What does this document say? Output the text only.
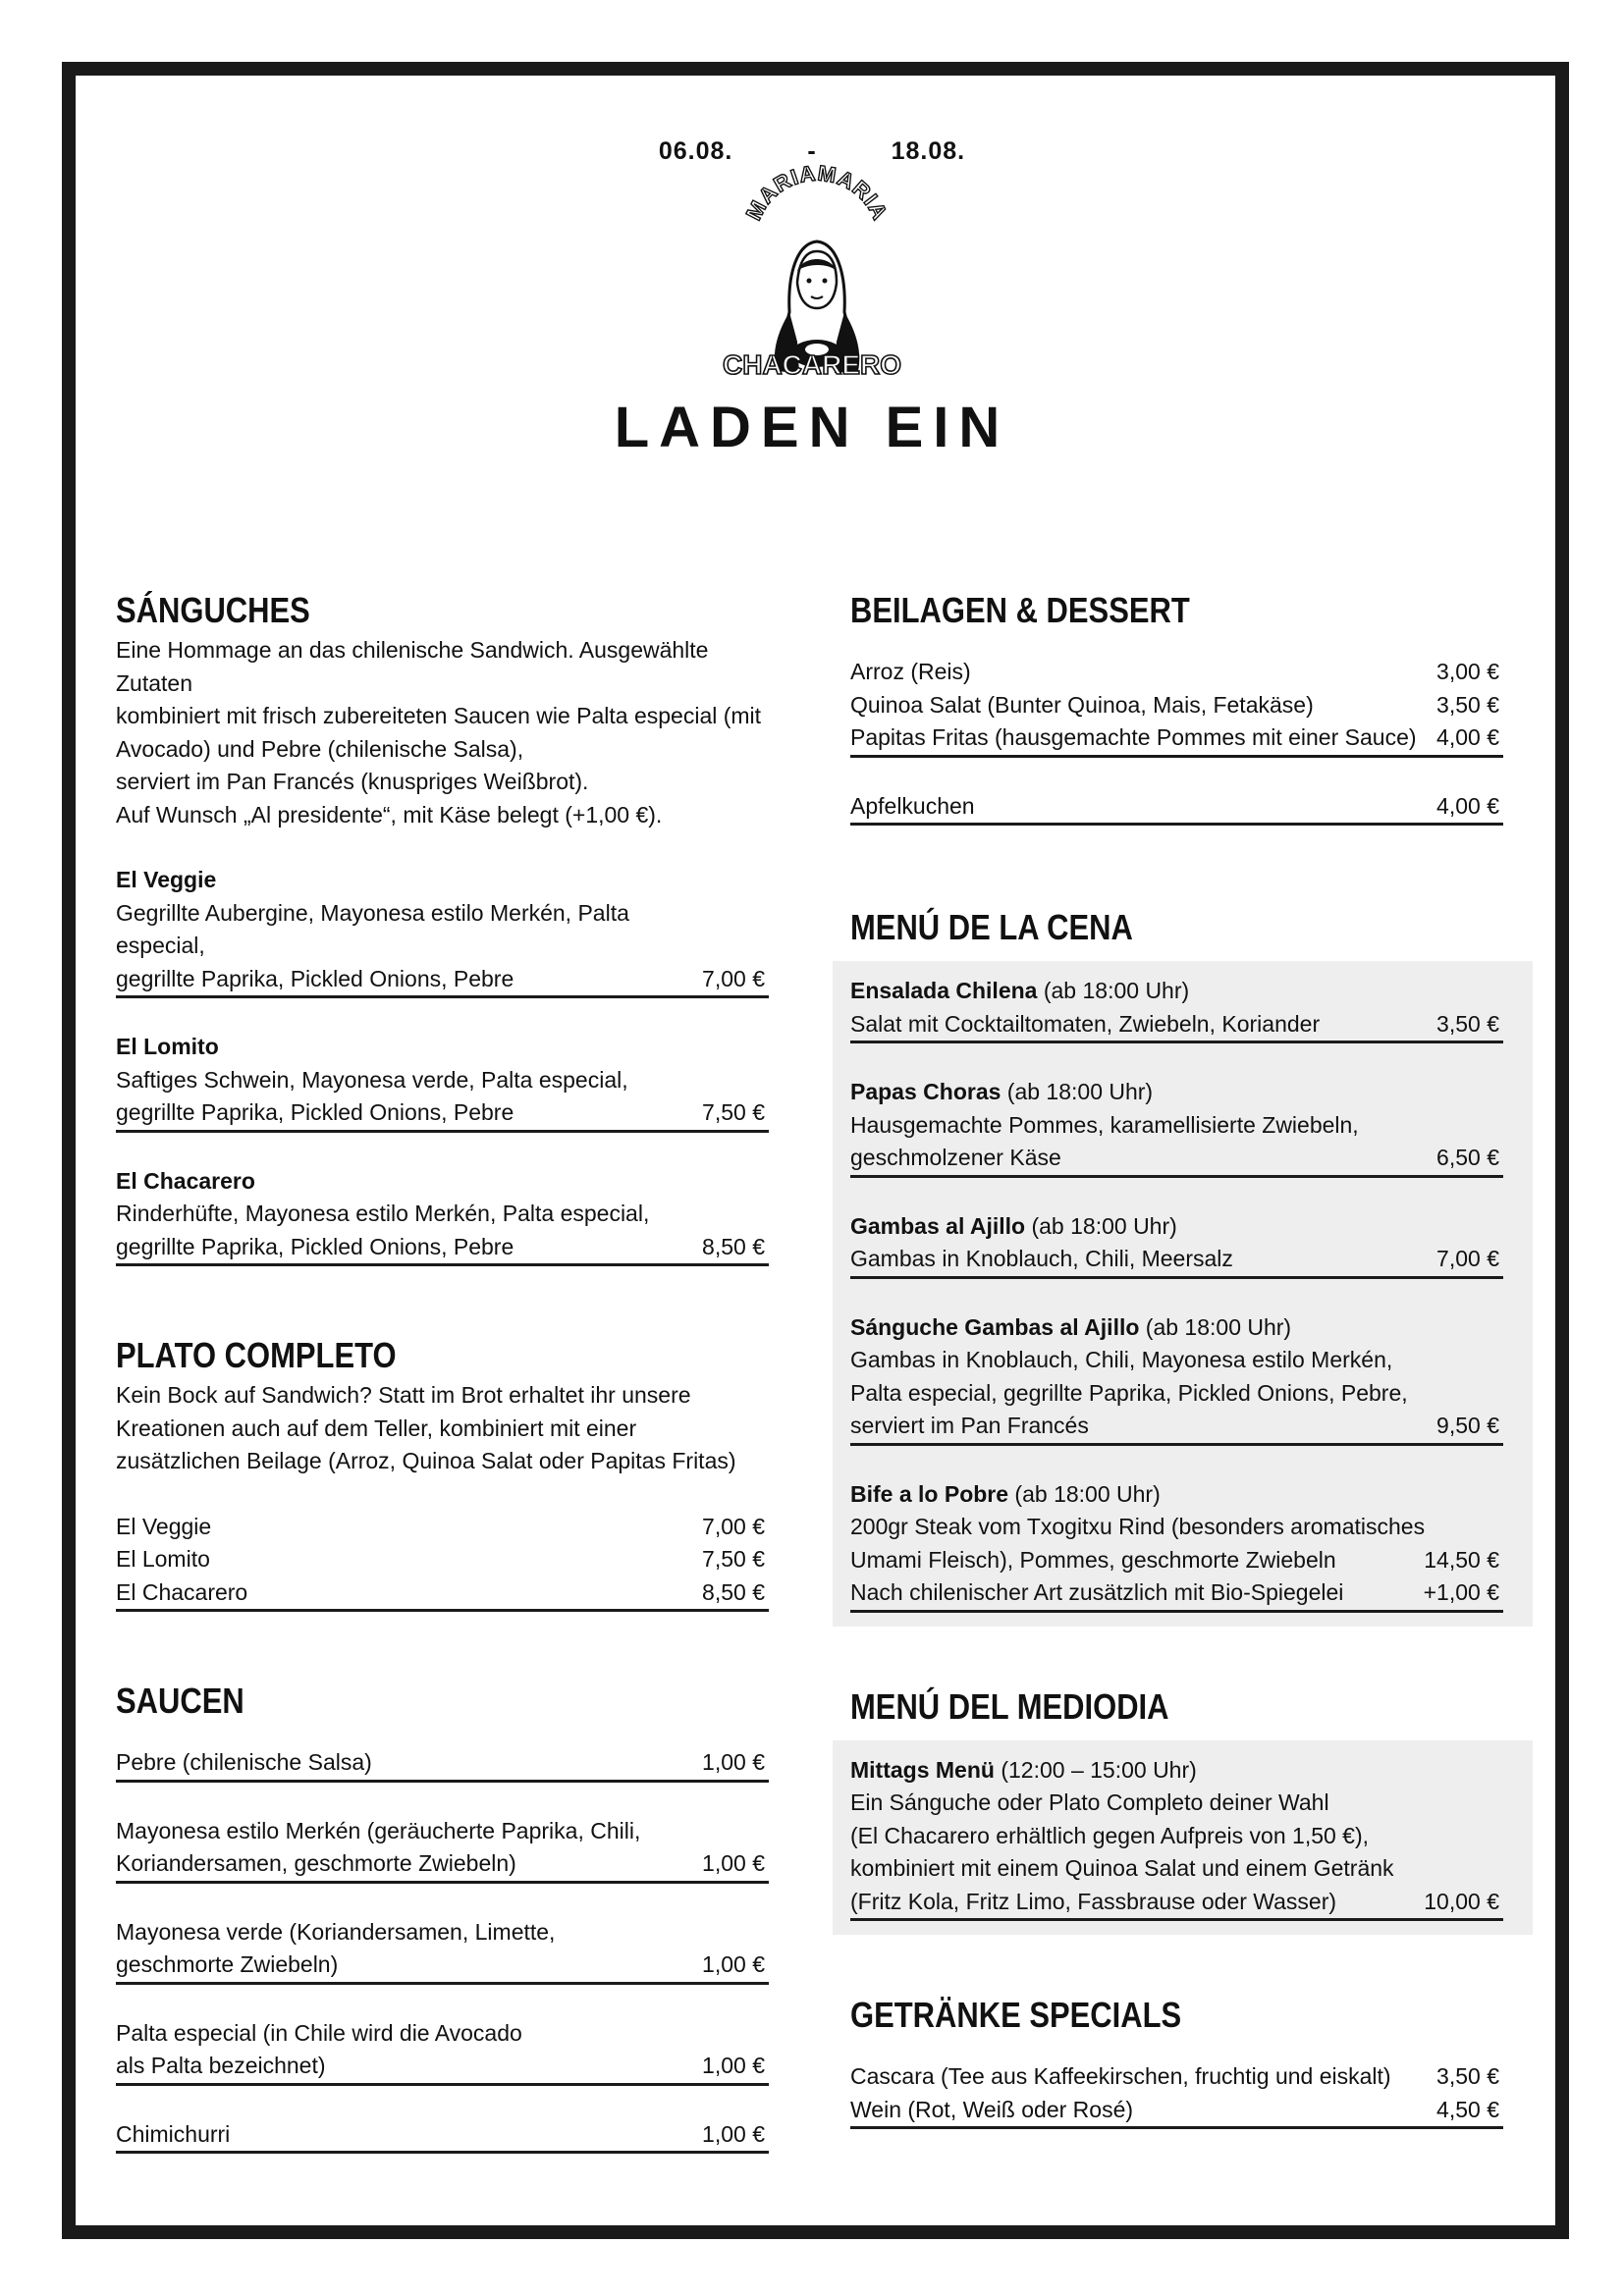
06.08.	-	18.08.
MARIAMARIA
CHACARERO
LADEN EIN
SÁNGUCHES
Eine Hommage an das chilenische Sandwich. Ausgewählte Zutaten
kombiniert mit frisch zubereiteten Saucen wie Palta especial (mit
Avocado) und Pebre (chilenische Salsa),
serviert im Pan Francés (knuspriges Weißbrot).
Auf Wunsch „Al presidente“, mit Käse belegt (+1,00 €).
El Veggie
Gegrillte Aubergine, Mayonesa estilo Merkén, Palta especial,
gegrillte Paprika, Pickled Onions, Pebre	7,00 €
El Lomito
Saftiges Schwein, Mayonesa verde, Palta especial,
gegrillte Paprika, Pickled Onions, Pebre	7,50 €
El Chacarero
Rinderhüfte, Mayonesa estilo Merkén, Palta especial,
gegrillte Paprika, Pickled Onions, Pebre	8,50 €
PLATO COMPLETO
Kein Bock auf Sandwich? Statt im Brot erhaltet ihr unsere
Kreationen auch auf dem Teller, kombiniert mit einer
zusätzlichen Beilage (Arroz, Quinoa Salat oder Papitas Fritas)
El Veggie	7,00 €
El Lomito	7,50 €
El Chacarero	8,50 €
SAUCEN
Pebre (chilenische Salsa)	1,00 €
Mayonesa estilo Merkén (geräucherte Paprika, Chili,
Koriandersamen, geschmorte Zwiebeln)	1,00 €
Mayonesa verde (Koriandersamen, Limette,
geschmorte Zwiebeln)	1,00 €
Palta especial (in Chile wird die Avocado
als Palta bezeichnet)	1,00 €
Chimichurri	1,00 €
BEILAGEN & DESSERT
Arroz (Reis)	3,00 €
Quinoa Salat (Bunter Quinoa, Mais, Fetakäse)	3,50 €
Papitas Fritas (hausgemachte Pommes mit einer Sauce) 4,00 €
Apfelkuchen	4,00 €
MENÚ DE LA CENA
Ensalada Chilena (ab 18:00 Uhr)
Salat mit Cocktailtomaten, Zwiebeln, Koriander	3,50 €
Papas Choras (ab 18:00 Uhr)
Hausgemachte Pommes, karamellisierte Zwiebeln,
geschmolzener Käse	6,50 €
Gambas al Ajillo (ab 18:00 Uhr)
Gambas in Knoblauch, Chili, Meersalz	7,00 €
Sánguche Gambas al Ajillo (ab 18:00 Uhr)
Gambas in Knoblauch, Chili, Mayonesa estilo Merkén,
Palta especial, gegrillte Paprika, Pickled Onions, Pebre,
serviert im Pan Francés	9,50 €
Bife a lo Pobre (ab 18:00 Uhr)
200gr Steak vom Txogitxu Rind (besonders aromatisches
Umami Fleisch), Pommes, geschmorte Zwiebeln	14,50 €
Nach chilenischer Art zusätzlich mit Bio-Spiegelei	+1,00 €
MENÚ DEL MEDIODIA
Mittags Menü (12:00 – 15:00 Uhr)
Ein Sánguche oder Plato Completo deiner Wahl
(El Chacarero erhältlich gegen Aufpreis von 1,50 €),
kombiniert mit einem Quinoa Salat und einem Getränk
(Fritz Kola, Fritz Limo, Fassbrause oder Wasser)	10,00 €
GETRÄNKE SPECIALS
Cascara (Tee aus Kaffeekirschen, fruchtig und eiskalt) 3,50 €
Wein (Rot, Weiß oder Rosé)	4,50 €
